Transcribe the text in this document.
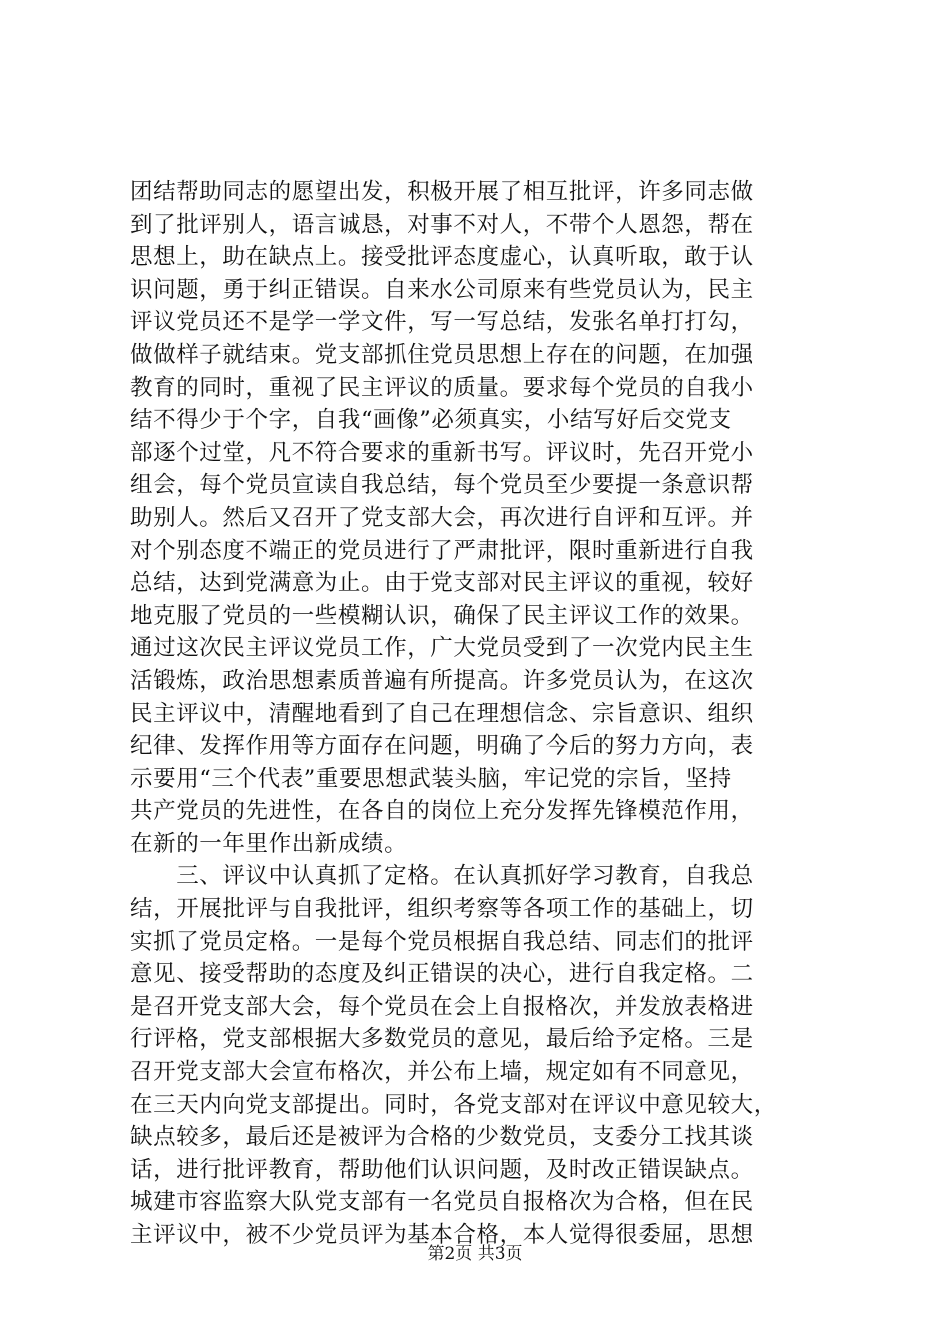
团结帮助同志的愿望出发，积极开展了相互批评，许多同志做
到了批评别人，语言诚恳，对事不对人，不带个人恩怨，帮在
思想上，助在缺点上。接受批评态度虚心，认真听取，敢于认
识问题，勇于纠正错误。自来水公司原来有些党员认为，民主
评议党员还不是学一学文件，写一写总结，发张名单打打勾，
做做样子就结束。党支部抓住党员思想上存在的问题，在加强
教育的同时，重视了民主评议的质量。要求每个党员的自我小
结不得少于个字，自我“画像”必须真实，小结写好后交党支
部逐个过堂，凡不符合要求的重新书写。评议时，先召开党小
组会，每个党员宣读自我总结，每个党员至少要提一条意识帮
助别人。然后又召开了党支部大会，再次进行自评和互评。并
对个别态度不端正的党员进行了严肃批评，限时重新进行自我
总结，达到党满意为止。由于党支部对民主评议的重视，较好
地克服了党员的一些模糊认识，确保了民主评议工作的效果。
通过这次民主评议党员工作，广大党员受到了一次党内民主生
活锻炼，政治思想素质普遍有所提高。许多党员认为，在这次
民主评议中，清醒地看到了自己在理想信念、宗旨意识、组织
纪律、发挥作用等方面存在问题，明确了今后的努力方向，表
示要用“三个代表”重要思想武装头脑，牢记党的宗旨，坚持
共产党员的先进性，在各自的岗位上充分发挥先锋模范作用，
在新的一年里作出新成绩。
　　三、评议中认真抓了定格。在认真抓好学习教育，自我总
结，开展批评与自我批评，组织考察等各项工作的基础上，切
实抓了党员定格。一是每个党员根据自我总结、同志们的批评
意见、接受帮助的态度及纠正错误的决心，进行自我定格。二
是召开党支部大会，每个党员在会上自报格次，并发放表格进
行评格，党支部根据大多数党员的意见，最后给予定格。三是
召开党支部大会宣布格次，并公布上墙，规定如有不同意见，
在三天内向党支部提出。同时，各党支部对在评议中意见较大，
缺点较多，最后还是被评为合格的少数党员，支委分工找其谈
话，进行批评教育，帮助他们认识问题，及时改正错误缺点。
城建市容监察大队党支部有一名党员自报格次为合格，但在民
主评议中，被不少党员评为基本合格，本人觉得很委屈，思想
第2页 共3页
